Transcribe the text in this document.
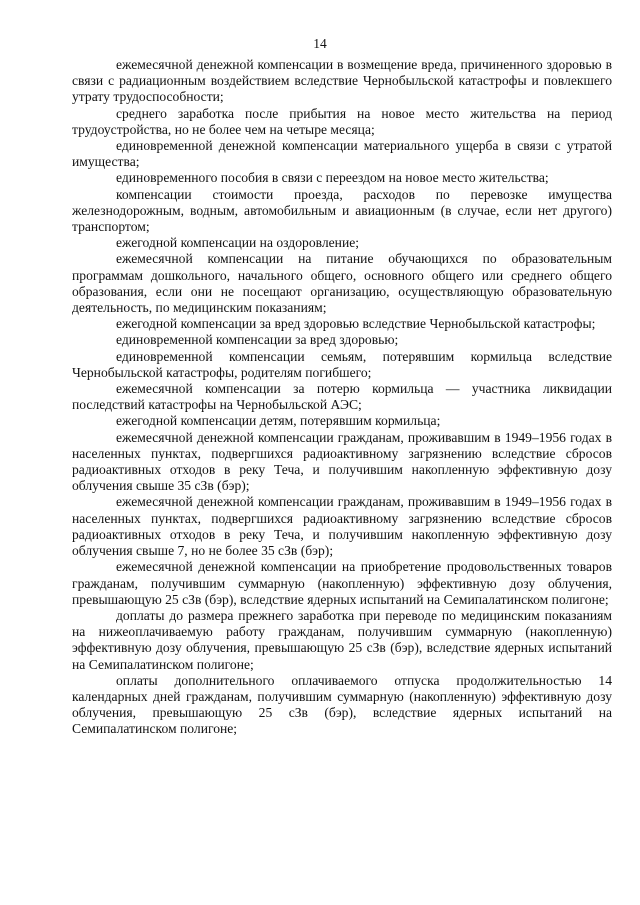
14

ежемесячной денежной компенсации в возмещение вреда, причиненного здоровью в связи с радиационным воздействием вследствие Чернобыльской катастрофы и повлекшего утрату трудоспособности;

среднего заработка после прибытия на новое место жительства на период трудоустройства, но не более чем на четыре месяца;

единовременной денежной компенсации материального ущерба в связи с утратой имущества;

единовременного пособия в связи с переездом на новое место жительства;

компенсации стоимости проезда, расходов по перевозке имущества железнодорожным, водным, автомобильным и авиационным (в случае, если нет другого) транспортом;

ежегодной компенсации на оздоровление;

ежемесячной компенсации на питание обучающихся по образовательным программам дошкольного, начального общего, основного общего или среднего общего образования, если они не посещают организацию, осуществляющую образовательную деятельность, по медицинским показаниям;

ежегодной компенсации за вред здоровью вследствие Чернобыльской катастрофы;

единовременной компенсации за вред здоровью;

единовременной компенсации семьям, потерявшим кормильца вследствие Чернобыльской катастрофы, родителям погибшего;

ежемесячной компенсации за потерю кормильца — участника ликвидации последствий катастрофы на Чернобыльской АЭС;

ежегодной компенсации детям, потерявшим кормильца;

ежемесячной денежной компенсации гражданам, проживавшим в 1949–1956 годах в населенных пунктах, подвергшихся радиоактивному загрязнению вследствие сбросов радиоактивных отходов в реку Теча, и получившим накопленную эффективную дозу облучения свыше 35 сЗв (бэр);

ежемесячной денежной компенсации гражданам, проживавшим в 1949–1956 годах в населенных пунктах, подвергшихся радиоактивному загрязнению вследствие сбросов радиоактивных отходов в реку Теча, и получившим накопленную эффективную дозу облучения свыше 7, но не более 35 сЗв (бэр);

ежемесячной денежной компенсации на приобретение продовольственных товаров гражданам, получившим суммарную (накопленную) эффективную дозу облучения, превышающую 25 сЗв (бэр), вследствие ядерных испытаний на Семипалатинском полигоне;

доплаты до размера прежнего заработка при переводе по медицинским показаниям на нижеоплачиваемую работу гражданам, получившим суммарную (накопленную) эффективную дозу облучения, превышающую 25 сЗв (бэр), вследствие ядерных испытаний на Семипалатинском полигоне;

оплаты дополнительного оплачиваемого отпуска продолжительностью 14 календарных дней гражданам, получившим суммарную (накопленную) эффективную дозу облучения, превышающую 25 сЗв (бэр), вследствие ядерных испытаний на Семипалатинском полигоне;
